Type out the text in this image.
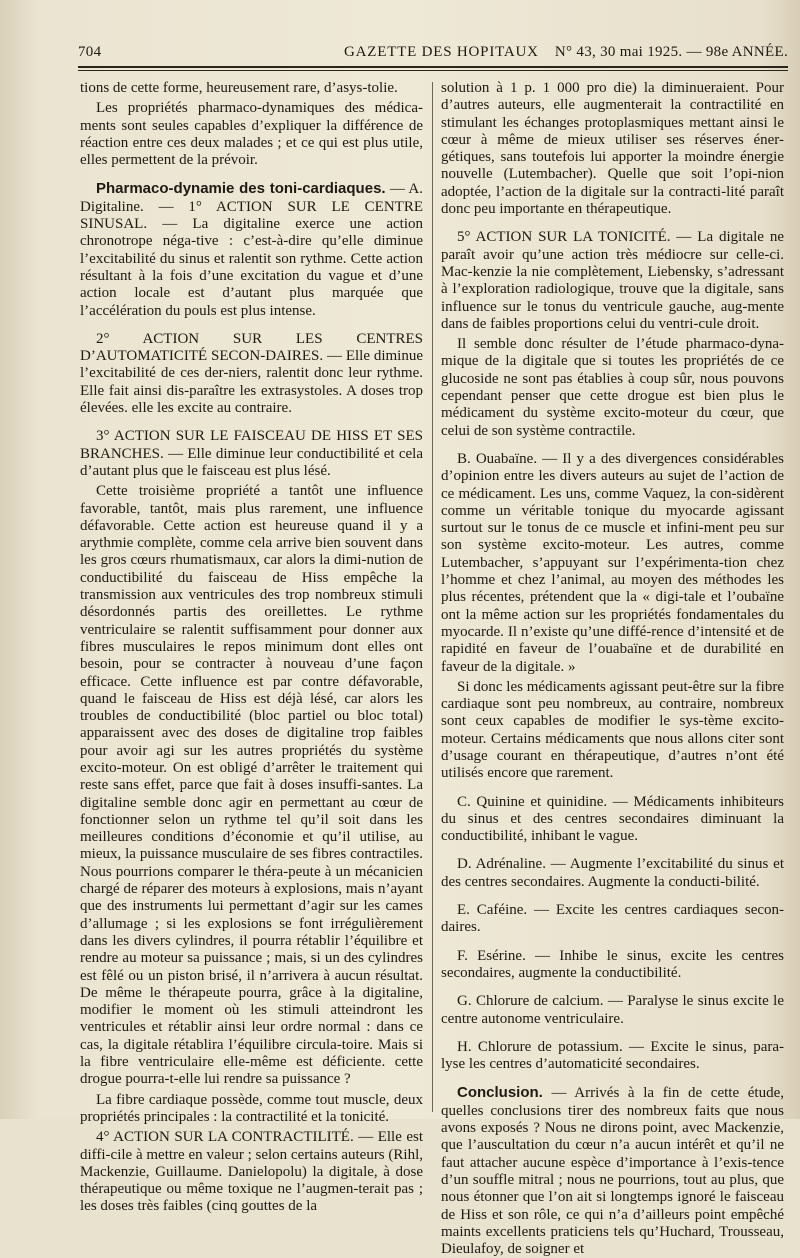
704	GAZETTE DES HOPITAUX N° 43, 30 mai 1925. — 98e ANNÉE.

tions de cette forme, heureusement rare, d’asys-tolie.

Les propriétés pharmaco-dynamiques des médica-ments sont seules capables d’expliquer la différence de réaction entre ces deux malades ; et ce qui est plus utile, elles permettent de la prévoir.

Pharmaco-dynamie des toni-cardiaques. — A. Digitaline. — 1° ACTION SUR LE CENTRE SINUSAL. — La digitaline exerce une action chronotrope néga-tive : c’est-à-dire qu’elle diminue l’excitabilité du sinus et ralentit son rythme. Cette action résultant à la fois d’une excitation du vague et d’une action locale est d’autant plus marquée que l’accélération du pouls est plus intense.

2° ACTION SUR LES CENTRES D’AUTOMATICITÉ SECON-DAIRES. — Elle diminue l’excitabilité de ces der-niers, ralentit donc leur rythme. Elle fait ainsi dis-paraître les extrasystoles. A doses trop élevées. elle les excite au contraire.

3° ACTION SUR LE FAISCEAU DE HISS ET SES BRANCHES. — Elle diminue leur conductibilité et cela d’autant plus que le faisceau est plus lésé.

Cette troisième propriété a tantôt une influence favorable, tantôt, mais plus rarement, une influence défavorable. Cette action est heureuse quand il y a arythmie complète, comme cela arrive bien souvent dans les gros cœurs rhumatismaux, car alors la dimi-nution de conductibilité du faisceau de Hiss empêche la transmission aux ventricules des trop nombreux stimuli désordonnés partis des oreillettes. Le rythme ventriculaire se ralentit suffisamment pour donner aux fibres musculaires le repos minimum dont elles ont besoin, pour se contracter à nouveau d’une façon efficace. Cette influence est par contre défavorable, quand le faisceau de Hiss est déjà lésé, car alors les troubles de conductibilité (bloc partiel ou bloc total) apparaissent avec des doses de digitaline trop faibles pour avoir agi sur les autres propriétés du système excito-moteur. On est obligé d’arrêter le traitement qui reste sans effet, parce que fait à doses insuffi-santes. La digitaline semble donc agir en permettant au cœur de fonctionner selon un rythme tel qu’il soit dans les meilleures conditions d’économie et qu’il utilise, au mieux, la puissance musculaire de ses fibres contractiles. Nous pourrions comparer le théra-peute à un mécanicien chargé de réparer des moteurs à explosions, mais n’ayant que des instruments lui permettant d’agir sur les cames d’allumage ; si les explosions se font irrégulièrement dans les divers cylindres, il pourra rétablir l’équilibre et rendre au moteur sa puissance ; mais, si un des cylindres est fêlé ou un piston brisé, il n’arrivera à aucun résultat. De même le thérapeute pourra, grâce à la digitaline, modifier le moment où les stimuli atteindront les ventricules et rétablir ainsi leur ordre normal : dans ce cas, la digitale rétablira l’équilibre circula-toire. Mais si la fibre ventriculaire elle-même est déficiente. cette drogue pourra-t-elle lui rendre sa puissance ?

La fibre cardiaque possède, comme tout muscle, deux propriétés principales : la contractilité et la tonicité.

4° ACTION SUR LA CONTRACTILITÉ. — Elle est diffi-cile à mettre en valeur ; selon certains auteurs (Rihl, Mackenzie, Guillaume. Danielopolu) la digitale, à dose thérapeutique ou même toxique ne l’augmen-terait pas ; les doses très faibles (cinq gouttes de la

solution à 1 p. 1 000 pro die) la diminueraient. Pour d’autres auteurs, elle augmenterait la contractilité en stimulant les échanges protoplasmiques mettant ainsi le cœur à même de mieux utiliser ses réserves éner-gétiques, sans toutefois lui apporter la moindre énergie nouvelle (Lutembacher). Quelle que soit l’opi-nion adoptée, l’action de la digitale sur la contracti-lité paraît donc peu importante en thérapeutique.

5° ACTION SUR LA TONICITÉ. — La digitale ne paraît avoir qu’une action très médiocre sur celle-ci. Mac-kenzie la nie complètement, Liebensky, s’adressant à l’exploration radiologique, trouve que la digitale, sans influence sur le tonus du ventricule gauche, aug-mente dans de faibles proportions celui du ventri-cule droit.

Il semble donc résulter de l’étude pharmaco-dyna-mique de la digitale que si toutes les propriétés de ce glucoside ne sont pas établies à coup sûr, nous pouvons cependant penser que cette drogue est bien plus le médicament du système excito-moteur du cœur, que celui de son système contractile.

B. Ouabaïne. — Il y a des divergences considérables d’opinion entre les divers auteurs au sujet de l’action de ce médicament. Les uns, comme Vaquez, la con-sidèrent comme un véritable tonique du myocarde agissant surtout sur le tonus de ce muscle et infini-ment peu sur son système excito-moteur. Les autres, comme Lutembacher, s’appuyant sur l’expérimenta-tion chez l’homme et chez l’animal, au moyen des méthodes les plus récentes, prétendent que la « digi-tale et l’oubaïne ont la même action sur les propriétés fondamentales du myocarde. Il n’existe qu’une diffé-rence d’intensité et de rapidité en faveur de l’ouabaïne et de durabilité en faveur de la digitale. »

Si donc les médicaments agissant peut-être sur la fibre cardiaque sont peu nombreux, au contraire, nombreux sont ceux capables de modifier le sys-tème excito-moteur. Certains médicaments que nous allons citer sont d’usage courant en thérapeutique, d’autres n’ont été utilisés encore que rarement.

C. Quinine et quinidine. — Médicaments inhibiteurs du sinus et des centres secondaires diminuant la conductibilité, inhibant le vague.

D. Adrénaline. — Augmente l’excitabilité du sinus et des centres secondaires. Augmente la conducti-bilité.

E. Caféine. — Excite les centres cardiaques secon-daires.

F. Esérine. — Inhibe le sinus, excite les centres secondaires, augmente la conductibilité.

G. Chlorure de calcium. — Paralyse le sinus excite le centre autonome ventriculaire.

H. Chlorure de potassium. — Excite le sinus, para-lyse les centres d’automaticité secondaires.

Conclusion. — Arrivés à la fin de cette étude, quelles conclusions tirer des nombreux faits que nous avons exposés ? Nous ne dirons point, avec Mackenzie, que l’auscultation du cœur n’a aucun intérêt et qu’il ne faut attacher aucune espèce d’importance à l’exis-tence d’un souffle mitral ; nous ne pourrions, tout au plus, que nous étonner que l’on ait si longtemps ignoré le faisceau de Hiss et son rôle, ce qui n’a d’ailleurs point empêché maints excellents praticiens tels qu’Huchard, Trousseau, Dieulafoy, de soigner et
